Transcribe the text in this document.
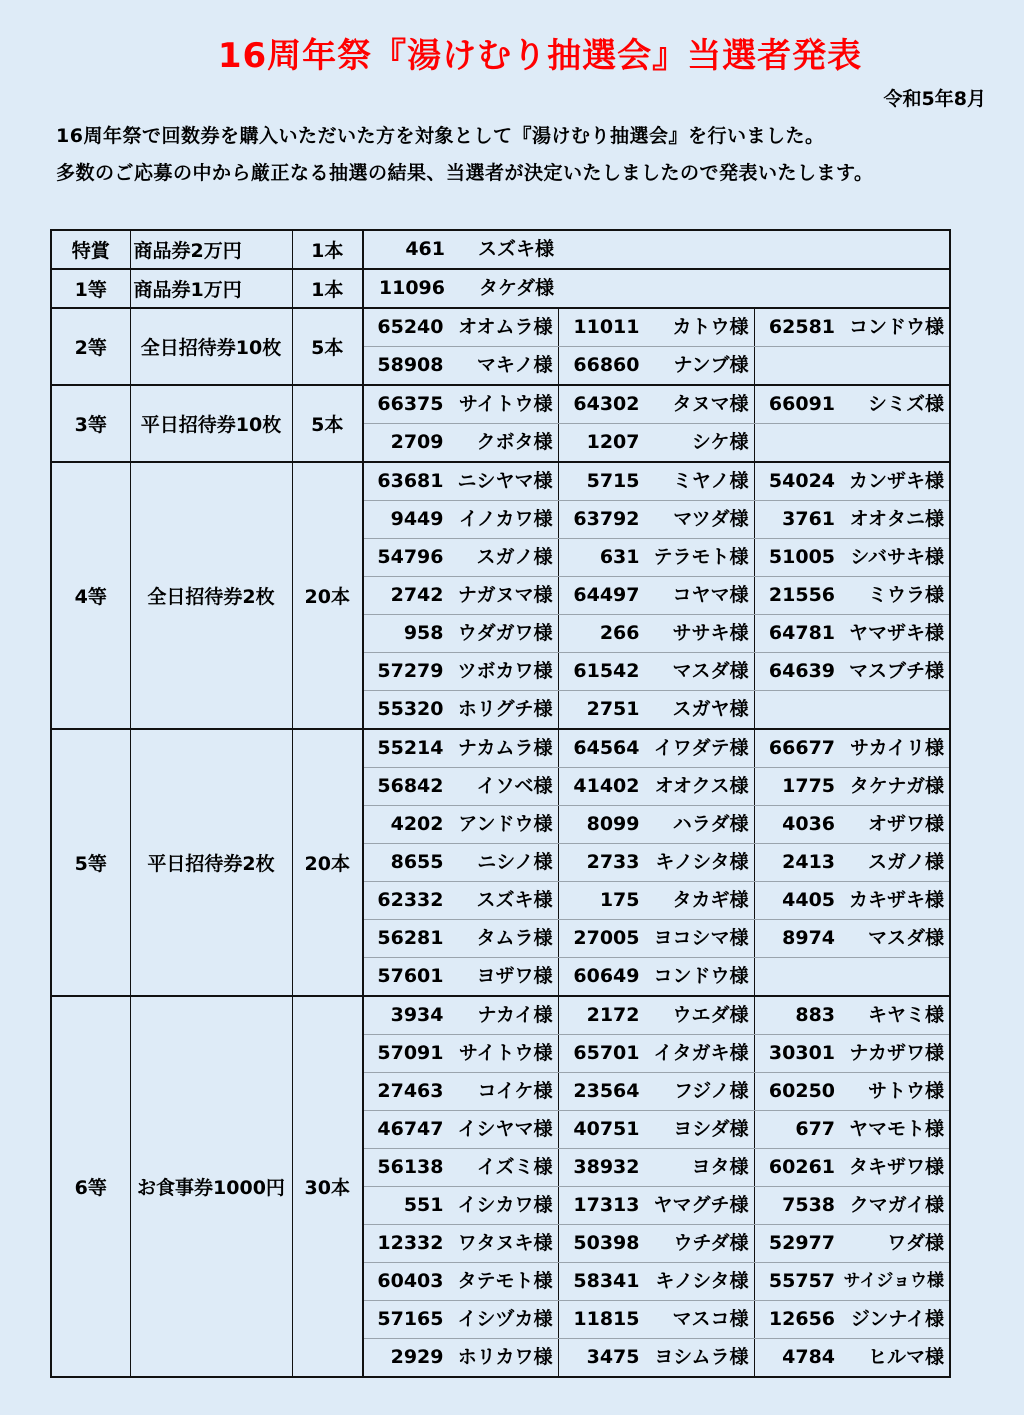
16周年祭『湯けむり抽選会』当選者発表
令和5年8月
16周年祭で回数券を購入いただいた方を対象として『湯けむり抽選会』を行いました。
多数のご応募の中から厳正なる抽選の結果、当選者が決定いたしましたので発表いたします。
特賞	商品券2万円	1本	461 スズキ様		

1等	商品券1万円	1本	11096 タケダ様		

2等	全日招待券10枚	5本	65240 オオムラ様	11011 カトウ様	62581 コンドウ様

			58908 マキノ様	66860 ナンブ様	

3等	平日招待券10枚	5本	66375 サイトウ様	64302 タヌマ様	66091 シミズ様

			2709 クボタ様	1207 シケ様	

4等	全日招待券2枚	20本	63681 ニシヤマ様	5715 ミヤノ様	54024 カンザキ様

			9449 イノカワ様	63792 マツダ様	3761 オオタニ様

			54796 スガノ様	631 テラモト様	51005 シバサキ様

			2742 ナガヌマ様	64497 コヤマ様	21556 ミウラ様

			958 ウダガワ様	266 ササキ様	64781 ヤマザキ様

			57279 ツボカワ様	61542 マスダ様	64639 マスブチ様

			55320 ホリグチ様	2751 スガヤ様	

5等	平日招待券2枚	20本	55214 ナカムラ様	64564 イワダテ様	66677 サカイリ様

			56842 イソベ様	41402 オオクス様	1775 タケナガ様

			4202 アンドウ様	8099 ハラダ様	4036 オザワ様

			8655 ニシノ様	2733 キノシタ様	2413 スガノ様

			62332 スズキ様	175 タカギ様	4405 カキザキ様

			56281 タムラ様	27005 ヨコシマ様	8974 マスダ様

			57601 ヨザワ様	60649 コンドウ様	

6等	お食事券1000円	30本	3934 ナカイ様	2172 ウエダ様	883 キヤミ様

			57091 サイトウ様	65701 イタガキ様	30301 ナカザワ様

			27463 コイケ様	23564 フジノ様	60250 サトウ様

			46747 イシヤマ様	40751 ヨシダ様	677 ヤマモト様

			56138 イズミ様	38932 ヨタ様	60261 タキザワ様

			551 イシカワ様	17313 ヤマグチ様	7538 クマガイ様

			12332 ワタヌキ様	50398 ウチダ様	52977 ワダ様

			60403 タテモト様	58341 キノシタ様	55757 サイジョウ様

			57165 イシヅカ様	11815 マスコ様	12656 ジンナイ様

			2929 ホリカワ様	3475 ヨシムラ様	4784 ヒルマ様
